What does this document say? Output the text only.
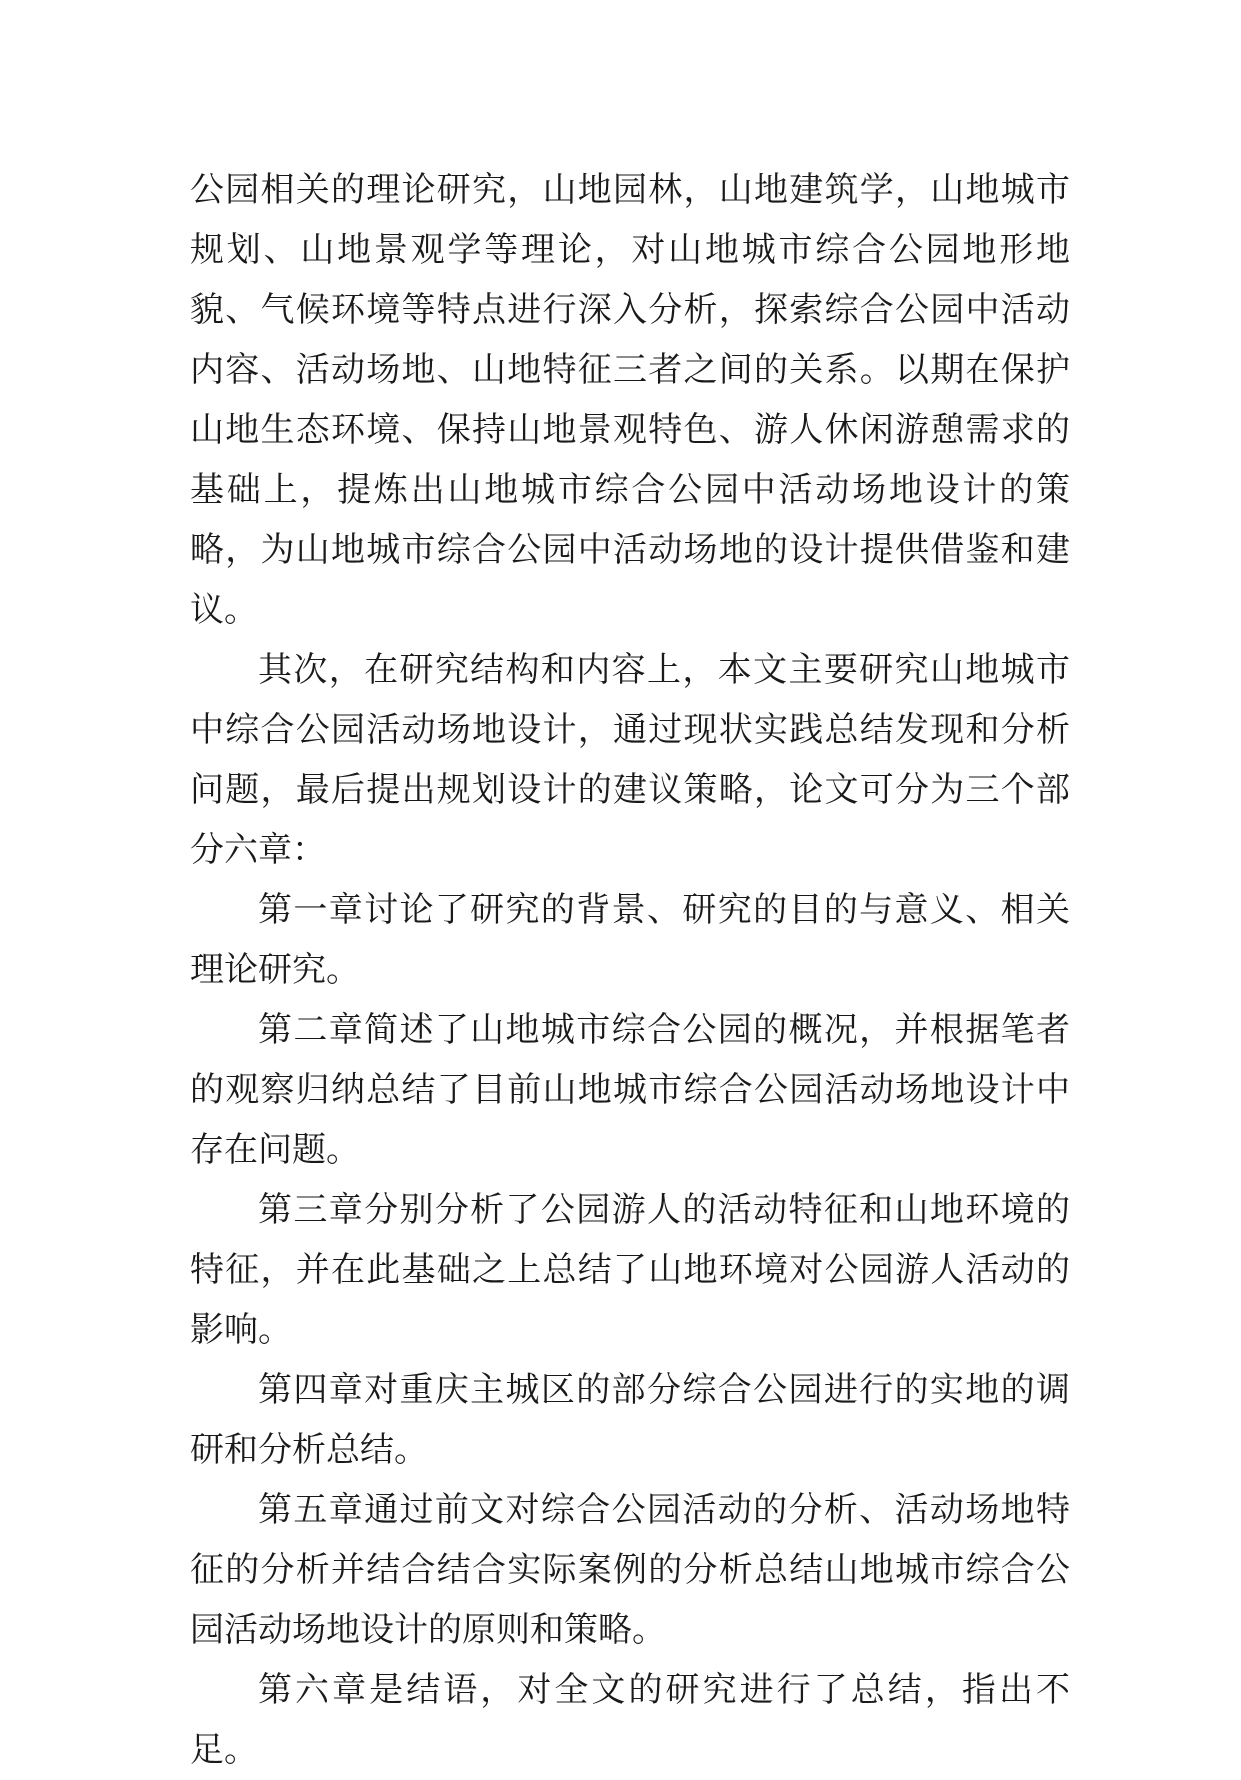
公园相关的理论研究，山地园林，山地建筑学，山地城市规划、山地景观学等理论，对山地城市综合公园地形地貌、气候环境等特点进行深入分析，探索综合公园中活动内容、活动场地、山地特征三者之间的关系。以期在保护山地生态环境、保持山地景观特色、游人休闲游憩需求的基础上，提炼出山地城市综合公园中活动场地设计的策略，为山地城市综合公园中活动场地的设计提供借鉴和建议。

其次，在研究结构和内容上，本文主要研究山地城市中综合公园活动场地设计，通过现状实践总结发现和分析问题，最后提出规划设计的建议策略，论文可分为三个部分六章：

第一章讨论了研究的背景、研究的目的与意义、相关理论研究。

第二章简述了山地城市综合公园的概况，并根据笔者的观察归纳总结了目前山地城市综合公园活动场地设计中存在问题。

第三章分别分析了公园游人的活动特征和山地环境的特征，并在此基础之上总结了山地环境对公园游人活动的影响。

第四章对重庆主城区的部分综合公园进行的实地的调研和分析总结。

第五章通过前文对综合公园活动的分析、活动场地特征的分析并结合结合实际案例的分析总结山地城市综合公园活动场地设计的原则和策略。

第六章是结语，对全文的研究进行了总结，指出不足。
